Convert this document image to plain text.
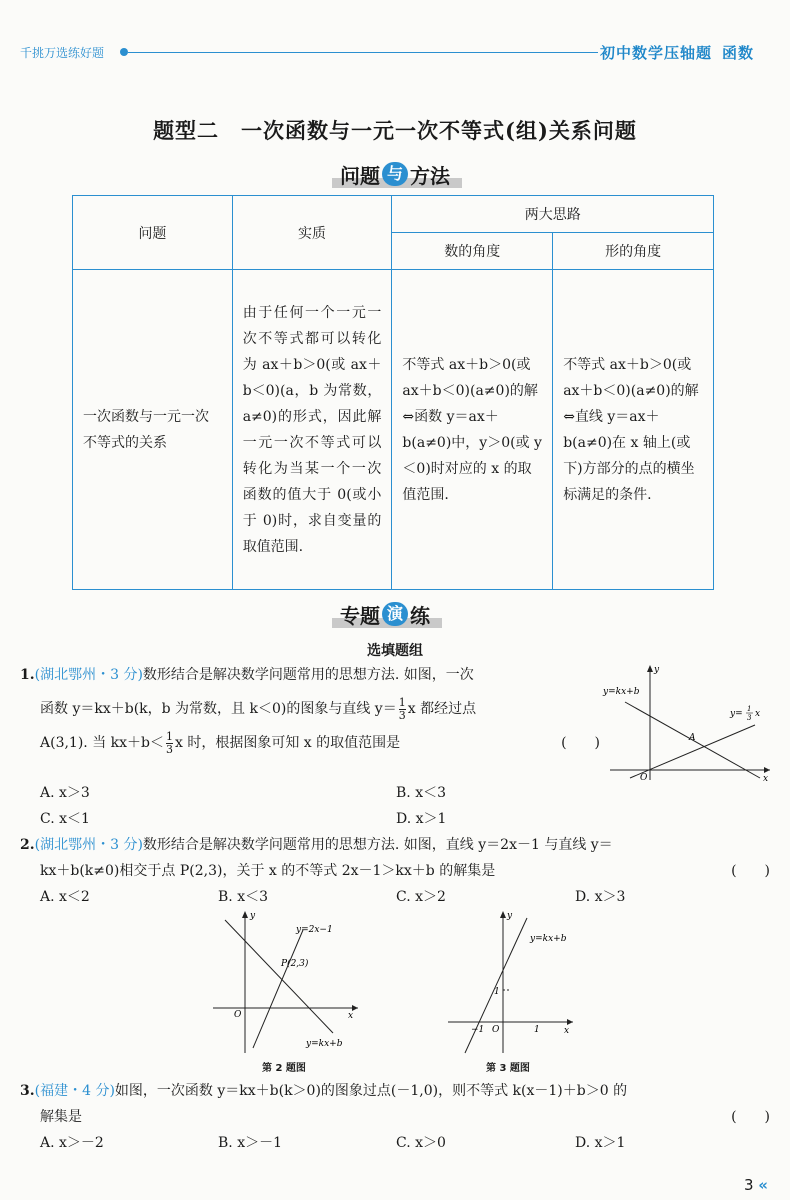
千挑万选练好题	初中数学压轴题 函数
题型二　一次函数与一元一次不等式(组)关系问题
问题 与 方法
问题	实质	两大思路	
		数的角度	形的角度
一次函数与一元一次不等式的关系	由于任何一个一元一次不等式都可以转化为 ax＋b＞0(或 ax＋b＜0)(a，b 为常数，a≠0)的形式，因此解一元一次不等式可以转化为当某一个一次函数的值大于 0(或小于 0)时，求自变量的取值范围.	不等式 ax＋b＞0(或 ax＋b＜0)(a≠0)的解⇔函数 y＝ax＋b(a≠0)中，y＞0(或 y＜0)时对应的 x 的取值范围.	不等式 ax＋b＞0(或 ax＋b＜0)(a≠0)的解⇔直线 y＝ax＋b(a≠0)在 x 轴上(或下)方部分的点的横坐标满足的条件.
专题 演 练
选填题组
1.(湖北鄂州・3 分)数形结合是解决数学问题常用的思想方法. 如图，一次
函数 y＝kx＋b(k，b 为常数，且 k＜0)的图象与直线 $y= \frac{1}{3}$ x 都经过点
A(3,1). 当 $kx+b< \frac{1}{3}$ x 时，根据图象可知 x 的取值范围是	(　　)
A. x＞3	B. x＜3
C. x＜1	D. x＞1
y
x
O
A
y=kx+b
y= 1
3 x
2.(湖北鄂州・3 分)数形结合是解决数学问题常用的思想方法. 如图，直线 y＝2x－1 与直线 y＝
kx＋b(k≠0)相交于点 P(2,3)，关于 x 的不等式 2x－1＞kx＋b 的解集是	(　　)
A. x＜2	B. x＜3	C. x＞2	D. x＞3
y
x
O
P(2,3)
y=2x−1
y=kx+b
第 2 题图
y
x
O
y=kx+b
1
−1	1
第 3 题图
3.(福建・4 分)如图，一次函数 y＝kx＋b(k＞0)的图象过点(－1,0)，则不等式 k(x－1)＋b＞0 的
解集是	(　　)
A. x＞－2	B. x＞－1	C. x＞0	D. x＞1
3 «
